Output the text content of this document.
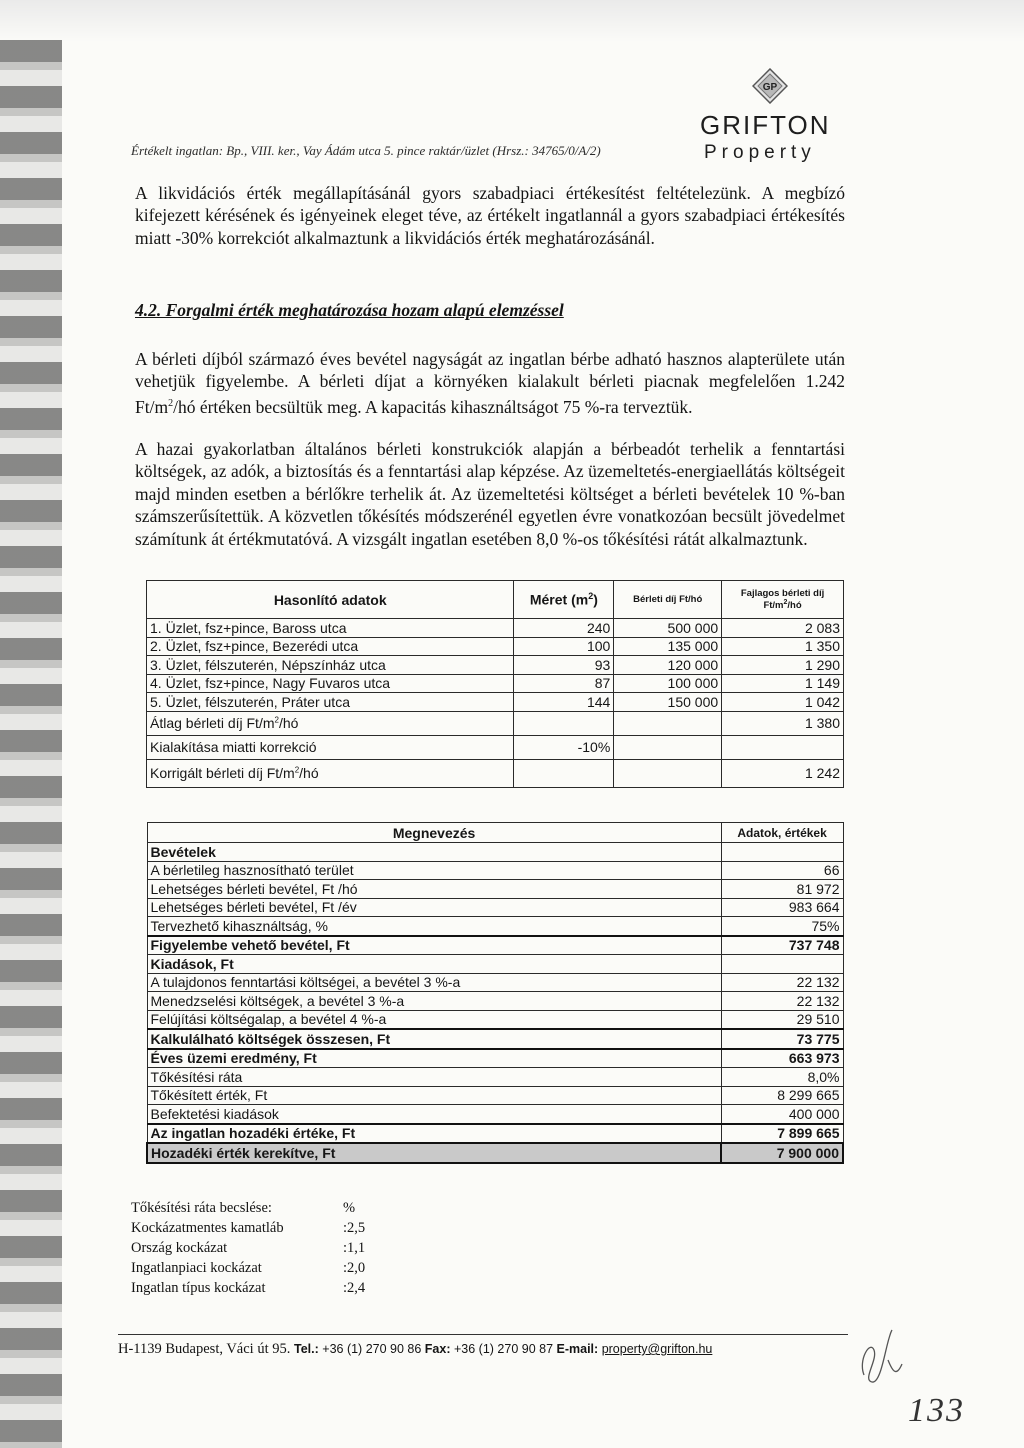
Értékelt ingatlan: Bp., VIII. ker., Vay Ádám utca 5. pince raktár/üzlet (Hrsz.: 34765/0/A/2)
GP
GRIFTON
Property
A likvidációs érték megállapításánál gyors szabadpiaci értékesítést feltételezünk. A megbízó kifejezett kérésének és igényeinek eleget téve, az értékelt ingatlannál a gyors szabadpiaci értékesítés miatt -30% korrekciót alkalmaztunk a likvidációs érték meghatározásánál.
4.2. Forgalmi érték meghatározása hozam alapú elemzéssel
A bérleti díjból származó éves bevétel nagyságát az ingatlan bérbe adható hasznos alapterülete után vehetjük figyelembe. A bérleti díjat a környéken kialakult bérleti piacnak megfelelően 1.242 $Ft/m^2/hó$ értéken becsültük meg. A kapacitás kihasználtságot 75 %-ra terveztük.
A hazai gyakorlatban általános bérleti konstrukciók alapján a bérbeadót terhelik a fenntartási költségek, az adók, a biztosítás és a fenntartási alap képzése. Az üzemeltetés-energiaellátás költségeit majd minden esetben a bérlőkre terhelik át. Az üzemeltetési költséget a bérleti bevételek 10 %-ban számszerűsítettük. A közvetlen tőkésítés módszerénél egyetlen évre vonatkozóan becsült jövedelmet számítunk át értékmutatóvá. A vizsgált ingatlan esetében 8,0 %-os tőkésítési rátát alkalmaztunk.
Hasonlító adatok	Méret $(m^2)$	Bérleti díj Ft/hó	Fajlagos bérleti díj
$Ft/m^2/hó$
1. Üzlet, fsz+pince, Baross utca	240	500 000	2 083
2. Üzlet, fsz+pince, Bezerédi utca	100	135 000	1 350
3. Üzlet, félszuterén, Népszínház utca	93	120 000	1 290
4. Üzlet, fsz+pince, Nagy Fuvaros utca	87	100 000	1 149
5. Üzlet, félszuterén, Práter utca	144	150 000	1 042
Átlag bérleti díj $Ft/m^2/hó$			1 380
Kialakítása miatti korrekció	-10%		
Korrigált bérleti díj $Ft/m^2/hó$			1 242
Megnevezés	Adatok, értékek
Bevételek	
A bérletileg hasznosítható terület	66
Lehetséges bérleti bevétel, Ft /hó	81 972
Lehetséges bérleti bevétel, Ft /év	983 664
Tervezhető kihasználtság, %	75%
Figyelembe vehető bevétel, Ft	737 748
Kiadások, Ft	
A tulajdonos fenntartási költségei, a bevétel 3 %-a	22 132
Menedzselési költségek, a bevétel 3 %-a	22 132
Felújítási költségalap, a bevétel 4 %-a	29 510
Kalkulálható költségek összesen, Ft	73 775
Éves üzemi eredmény, Ft	663 973
Tőkésítési ráta	8,0%
Tőkésített érték, Ft	8 299 665
Befektetési kiadások	400 000
Az ingatlan hozadéki értéke, Ft	7 899 665
Hozadéki érték kerekítve, Ft	7 900 000
Tőkésítési ráta becslése:	%
Kockázatmentes kamatláb	:2,5
Ország kockázat	:1,1
Ingatlanpiaci kockázat	:2,0
Ingatlan típus kockázat	:2,4
H-1139 Budapest, Váci út 95. Tel.: +36 (1) 270 90 86 Fax: +36 (1) 270 90 87 E-mail: property@grifton.hu
133
